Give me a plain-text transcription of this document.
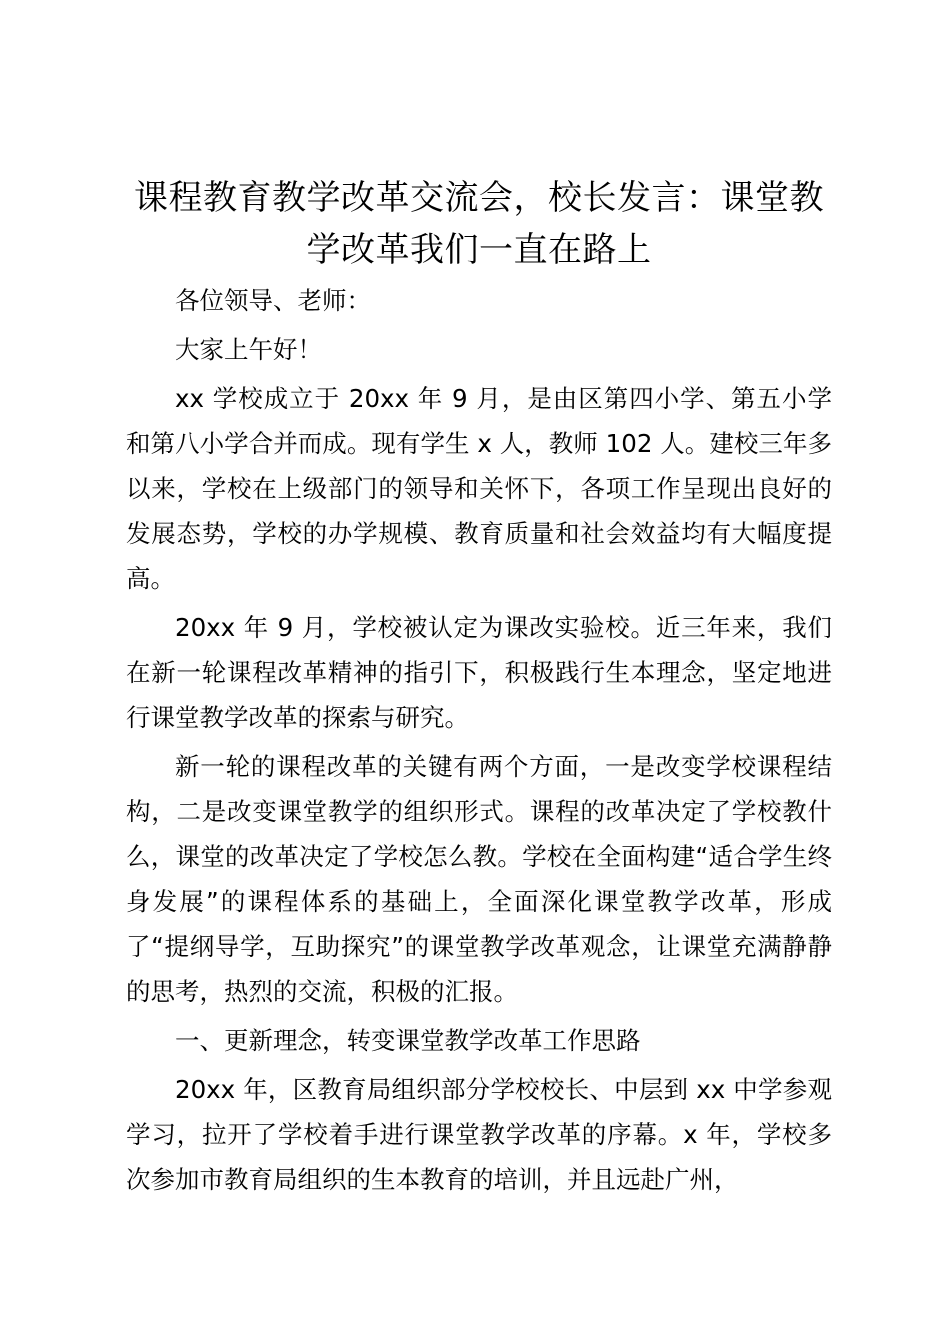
课程教育教学改革交流会，校长发言：课堂教学改革我们一直在路上

各位领导、老师：

大家上午好！

xx 学校成立于 20xx 年 9 月，是由区第四小学、第五小学和第八小学合并而成。现有学生 x 人，教师 102 人。建校三年多以来，学校在上级部门的领导和关怀下，各项工作呈现出良好的发展态势，学校的办学规模、教育质量和社会效益均有大幅度提高。

20xx 年 9 月，学校被认定为课改实验校。近三年来，我们在新一轮课程改革精神的指引下，积极践行生本理念，坚定地进行课堂教学改革的探索与研究。

新一轮的课程改革的关键有两个方面，一是改变学校课程结构，二是改变课堂教学的组织形式。课程的改革决定了学校教什么，课堂的改革决定了学校怎么教。学校在全面构建“适合学生终身发展”的课程体系的基础上，全面深化课堂教学改革，形成了“提纲导学，互助探究”的课堂教学改革观念，让课堂充满静静的思考，热烈的交流，积极的汇报。

一、更新理念，转变课堂教学改革工作思路

20xx 年，区教育局组织部分学校校长、中层到 xx 中学参观学习，拉开了学校着手进行课堂教学改革的序幕。x 年，学校多次参加市教育局组织的生本教育的培训，并且远赴广州，
